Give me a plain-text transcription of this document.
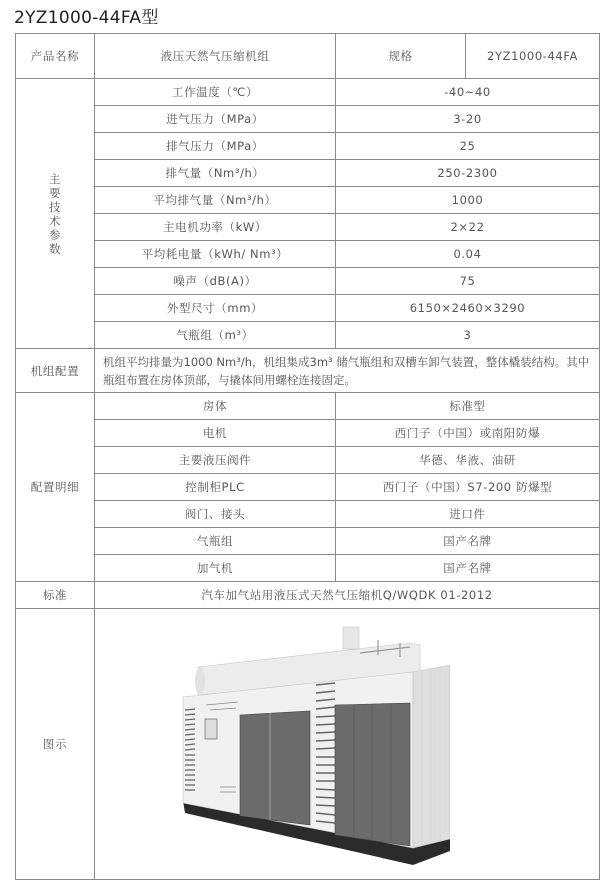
2YZ1000-44FA型
产品名称	液压天然气压缩机组	规格	2YZ1000-44FA

主要技术参数	工作温度（℃）	-40~40	
	进气压力（MPa）	3-20	
	排气压力（MPa）	25	
	排气量（Nm³/h）	250-2300	
	平均排气量（Nm³/h）	1000	
	主电机功率（kW）	2×22	
	平均耗电量（kWh/ Nm³）	0.04	
	噪声（dB(A)）	75	
	外型尺寸（mm）	6150×2460×3290	
	气瓶组（m³）	3	
机组配置	机组平均排量为1000 Nm³/h，机组集成3m³ 储气瓶组和双槽车卸气装置，整体橇装结构。其中瓶组布置在房体顶部，与撬体间用螺栓连接固定。		
配置明细	房体	标准型	
	电机	西门子（中国）或南阳防爆	
	主要液压阀件	华德、华液、油研	
	控制柜PLC	西门子（中国）S7-200 防爆型	
	阀门、接头	进口件	
	气瓶组	国产名牌	
	加气机	国产名牌	
标准	汽车加气站用液压式天然气压缩机Q/WQDK 01-2012		
图示			
